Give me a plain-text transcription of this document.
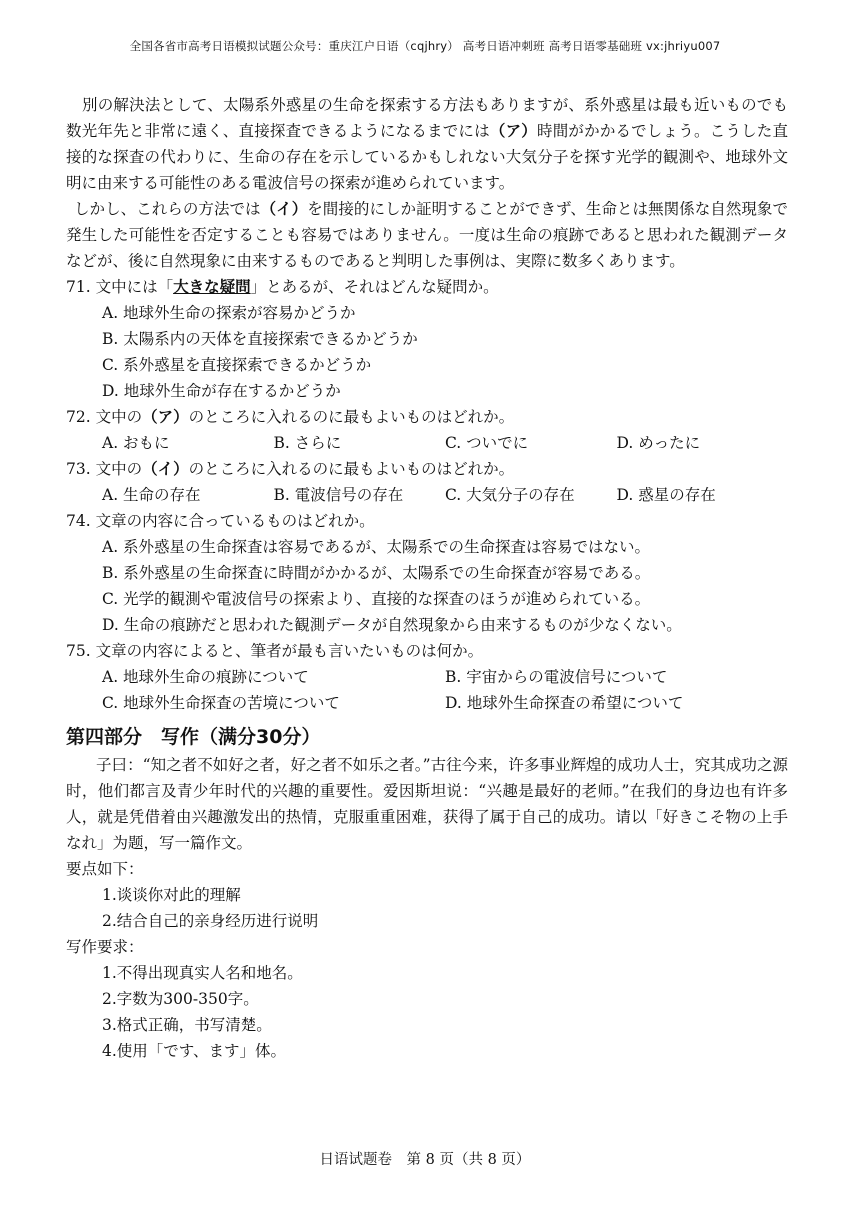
全国各省市高考日语模拟试题公众号：重庆江户日语（cqjhry） 高考日语冲刺班 高考日语零基础班 vx:jhriyu007

別の解決法として、太陽系外惑星の生命を探索する方法もありますが、系外惑星は最も近いものでも数光年先と非常に遠く、直接探査できるようになるまでには（ア）時間がかかるでしょう。こうした直接的な探査の代わりに、生命の存在を示しているかもしれない大気分子を探す光学的観測や、地球外文明に由来する可能性のある電波信号の探索が進められています。

しかし、これらの方法では（イ）を間接的にしか証明することができず、生命とは無関係な自然現象で発生した可能性を否定することも容易ではありません。一度は生命の痕跡であると思われた観測データなどが、後に自然現象に由来するものであると判明した事例は、実際に数多くあります。

71. 文中には「大きな疑問」とあるが、それはどんな疑問か。

A. 地球外生命の探索が容易かどうか

B. 太陽系内の天体を直接探索できるかどうか

C. 系外惑星を直接探索できるかどうか

D. 地球外生命が存在するかどうか

72. 文中の（ア）のところに入れるのに最もよいものはどれか。

A. おもに	B. さらに	C. ついでに	D. めったに

73. 文中の（イ）のところに入れるのに最もよいものはどれか。

A. 生命の存在	B. 電波信号の存在	C. 大気分子の存在	D. 惑星の存在

74. 文章の内容に合っているものはどれか。

A. 系外惑星の生命探査は容易であるが、太陽系での生命探査は容易ではない。

B. 系外惑星の生命探査に時間がかかるが、太陽系での生命探査が容易である。

C. 光学的観測や電波信号の探索より、直接的な探査のほうが進められている。

D. 生命の痕跡だと思われた観測データが自然現象から由来するものが少なくない。

75. 文章の内容によると、筆者が最も言いたいものは何か。

A. 地球外生命の痕跡について	B. 宇宙からの電波信号について
C. 地球外生命探査の苦境について	D. 地球外生命探査の希望について
第四部分　写作（满分30分）

子曰：“知之者不如好之者，好之者不如乐之者。”古往今来，许多事业辉煌的成功人士，究其成功之源时，他们都言及青少年时代的兴趣的重要性。爱因斯坦说：“兴趣是最好的老师。”在我们的身边也有许多人，就是凭借着由兴趣激发出的热情，克服重重困难，获得了属于自己的成功。请以「好きこそ物の上手なれ」为题，写一篇作文。

要点如下：

1.谈谈你对此的理解

2.结合自己的亲身经历进行说明

写作要求：

1.不得出现真实人名和地名。

2.字数为300-350字。

3.格式正确，书写清楚。

4.使用「です、ます」体。

日语试题卷　第 8 页（共 8 页）
